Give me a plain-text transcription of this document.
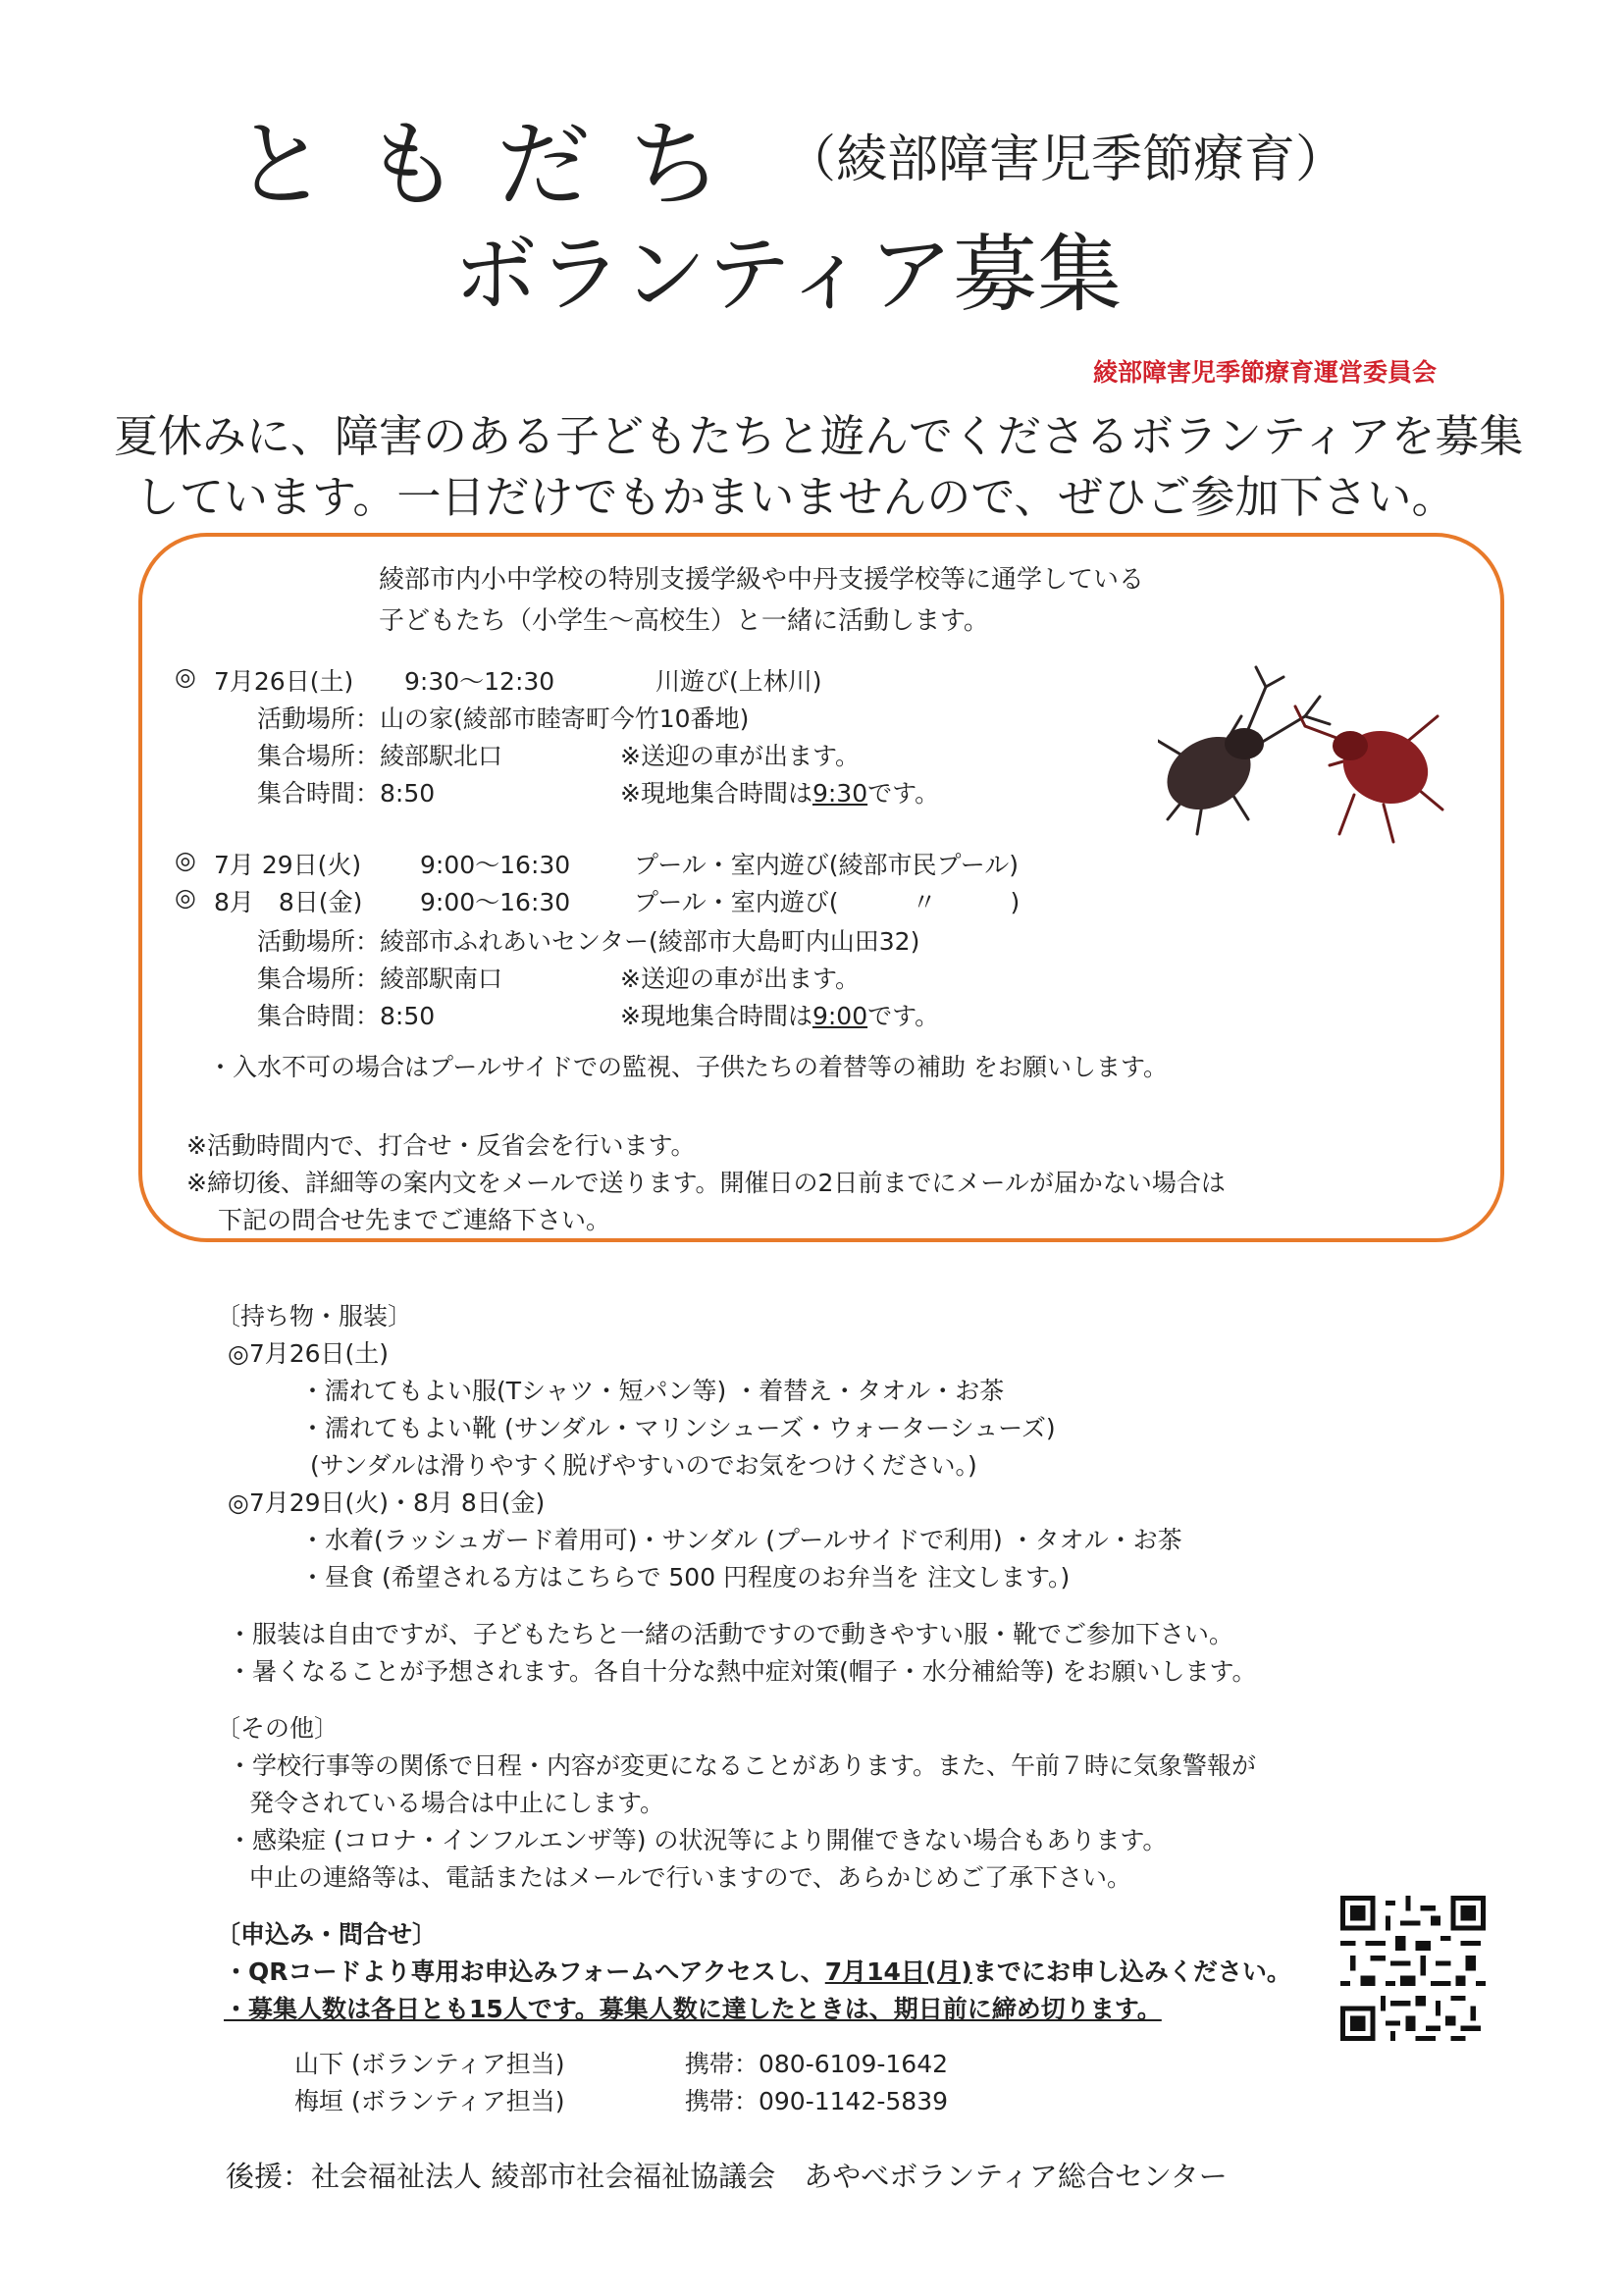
ともだち （綾部障害児季節療育）
ボランティア募集
綾部障害児季節療育運営委員会
夏休みに、障害のある子どもたちと遊んでくださるボランティアを募集
しています。一日だけでもかまいませんので、ぜひご参加下さい。
綾部市内小中学校の特別支援学級や中丹支援学校等に通学している
子どもたち（小学生～高校生）と一緒に活動します。
◎ 7月26日(土) 9:30～12:30	川遊び(上林川)
活動場所：山の家(綾部市睦寄町今竹10番地)
集合場所：綾部駅北口	※送迎の車が出ます。
集合時間：8:50	※現地集合時間は9:30です。
◎ 7月 29日(火) 9:00～16:30	プール・室内遊び(綾部市民プール)
◎ 8月　8日(金) 9:00～16:30	プール・室内遊び(　　　〃　　　)
活動場所：綾部市ふれあいセンター(綾部市大島町内山田32)
集合場所：綾部駅南口	※送迎の車が出ます。
集合時間：8:50	※現地集合時間は9:00です。
・入水不可の場合はプールサイドでの監視、子供たちの着替等の補助 をお願いします。
※活動時間内で、打合せ・反省会を行います。
※締切後、詳細等の案内文をメールで送ります。開催日の2日前までにメールが届かない場合は
下記の問合せ先までご連絡下さい。
〔持ち物・服装〕
◎7月26日(土)
・濡れてもよい服(Tシャツ・短パン等) ・着替え・タオル・お茶
・濡れてもよい靴 (サンダル・マリンシューズ・ウォーターシューズ)
(サンダルは滑りやすく脱げやすいのでお気をつけください。)
◎7月29日(火)・8月 8日(金)
・水着(ラッシュガード着用可)・サンダル (プールサイドで利用) ・タオル・お茶
・昼食 (希望される方はこちらで 500 円程度のお弁当を 注文します。)
・服装は自由ですが、子どもたちと一緒の活動ですので動きやすい服・靴でご参加下さい。
・暑くなることが予想されます。各自十分な熱中症対策(帽子・水分補給等) をお願いします。
〔その他〕
・学校行事等の関係で日程・内容が変更になることがあります。また、午前７時に気象警報が
発令されている場合は中止にします。
・感染症 (コロナ・インフルエンザ等) の状況等により開催できない場合もあります。
中止の連絡等は、電話またはメールで行いますので、あらかじめご了承下さい。
〔申込み・問合せ〕
・QRコードより専用お申込みフォームへアクセスし、7月14日(月)までにお申し込みください。
・募集人数は各日とも15人です。募集人数に達したときは、期日前に締め切ります。
山下 (ボランティア担当)	携帯：080-6109-1642
梅垣 (ボランティア担当)	携帯：090-1142-5839
後援：社会福祉法人 綾部市社会福祉協議会　あやべボランティア総合センター
